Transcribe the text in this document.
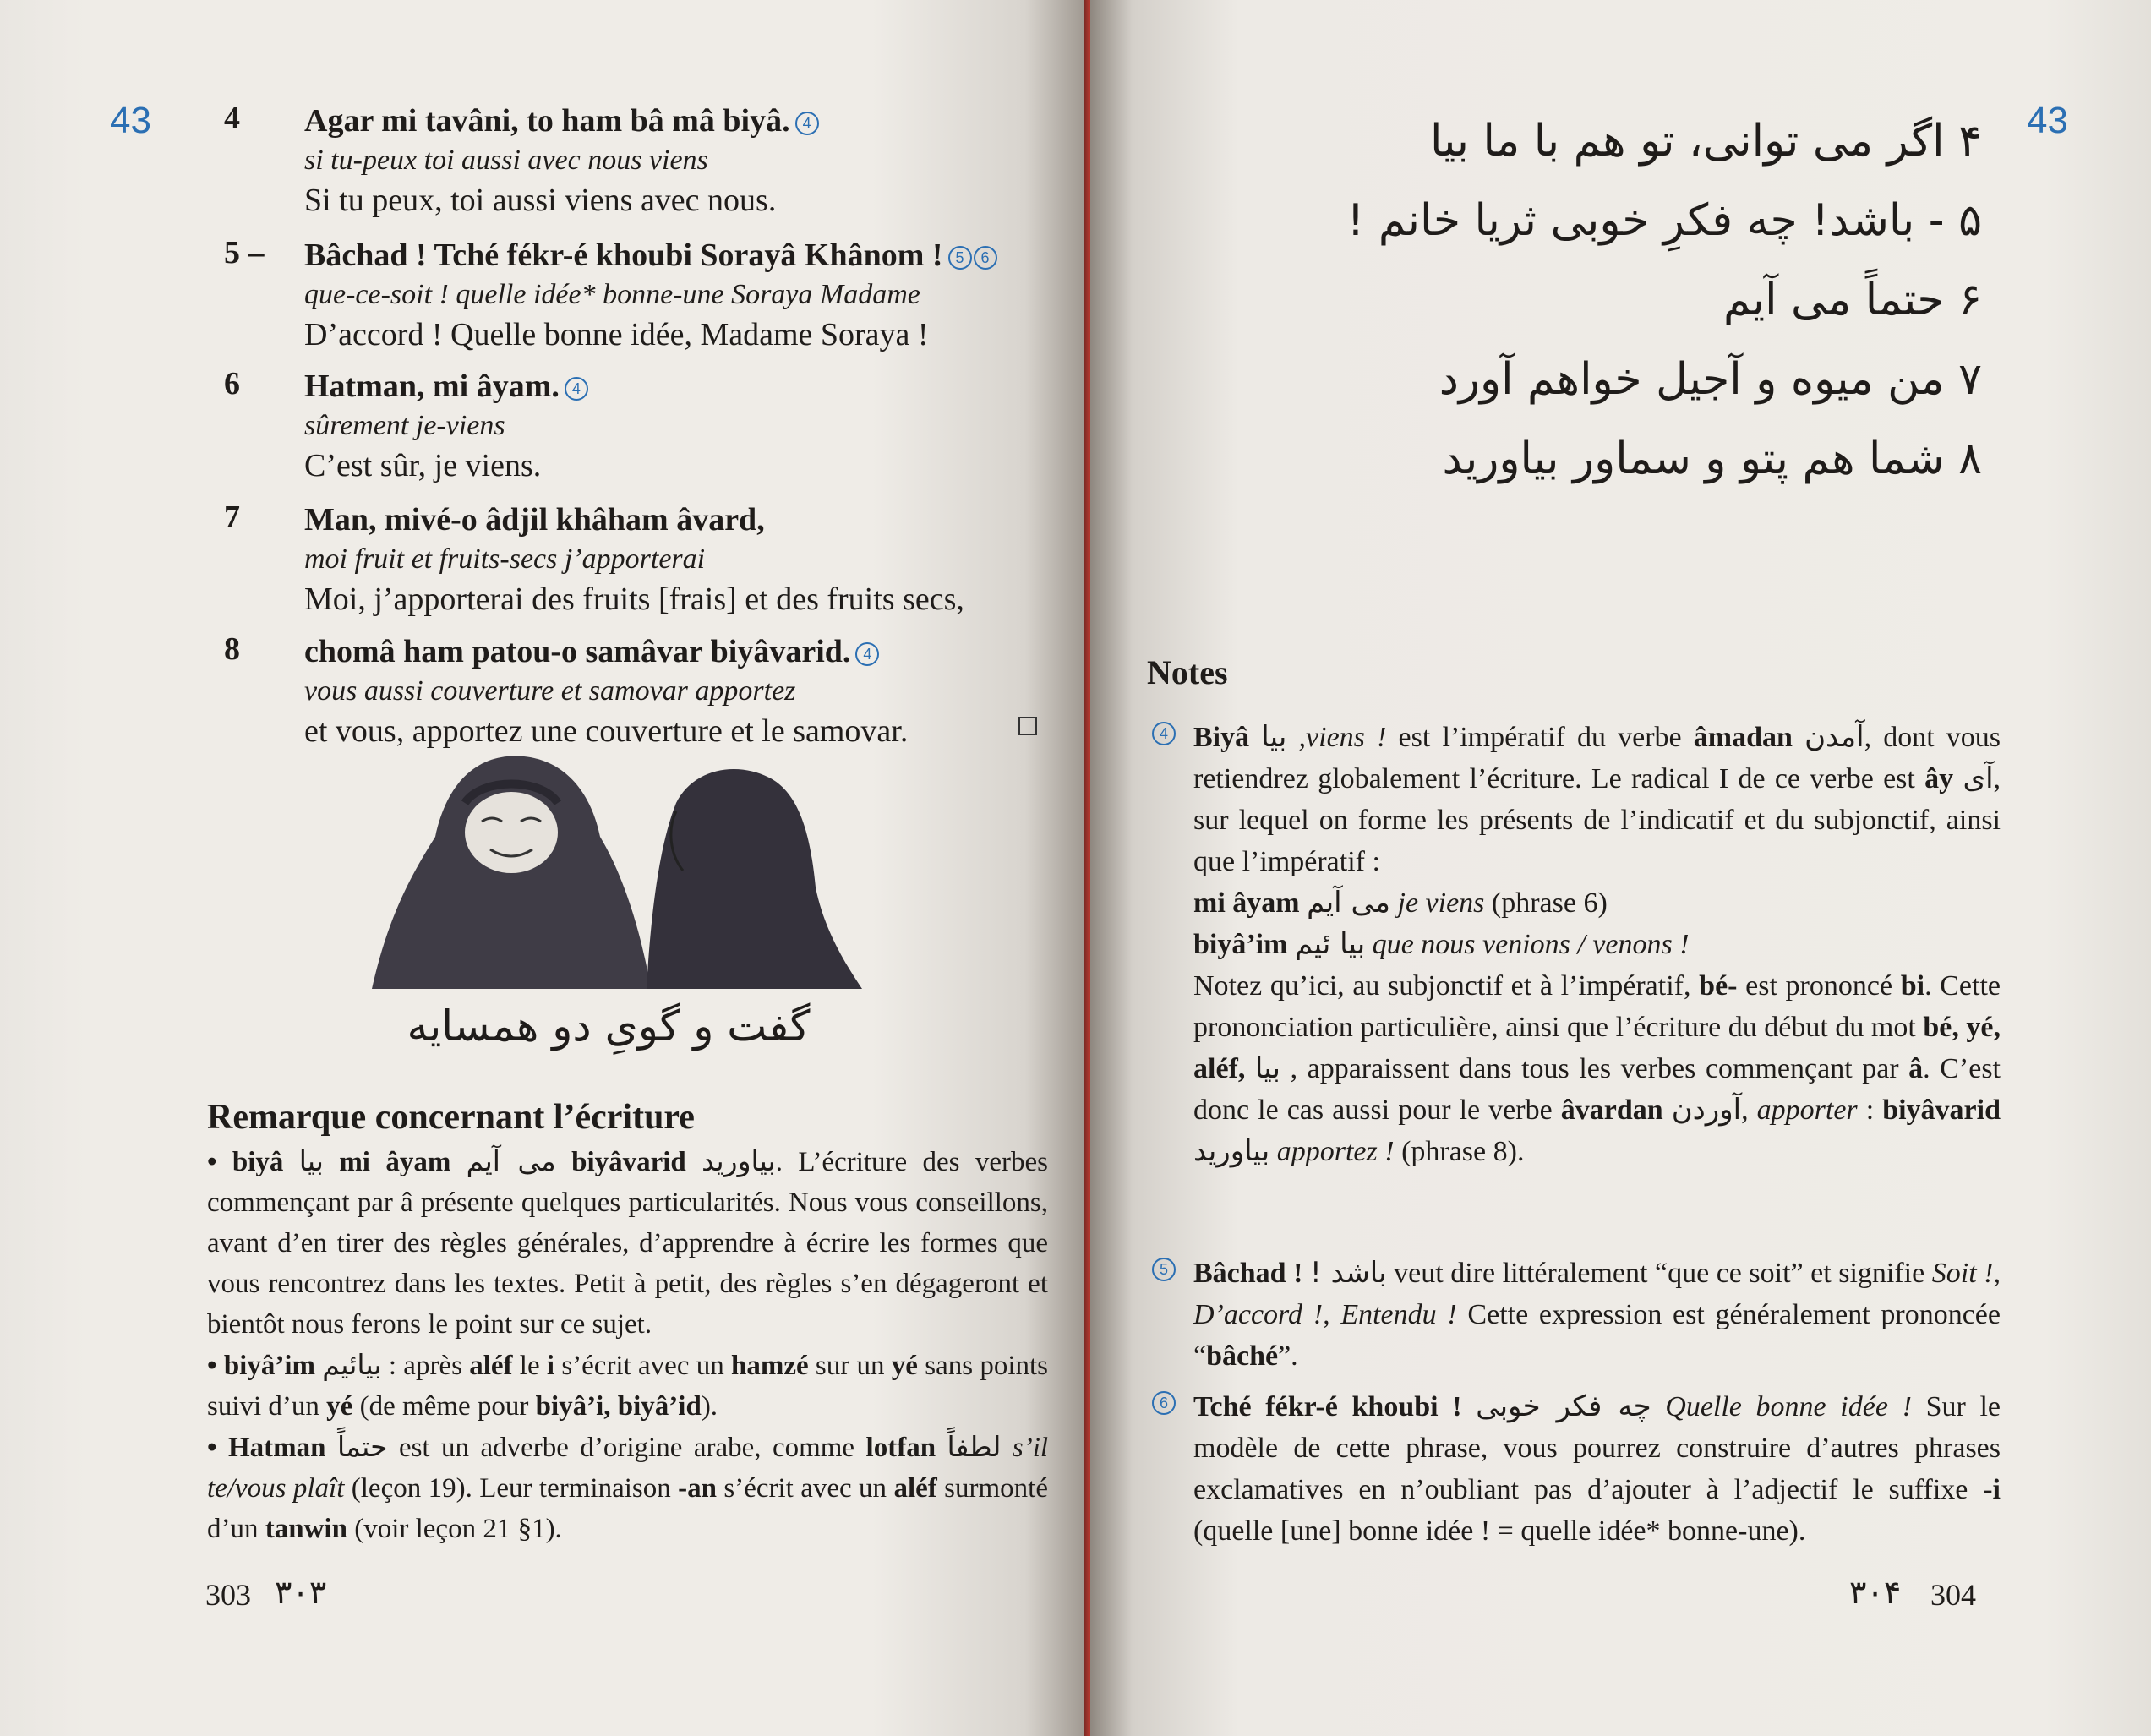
43 4 Agar mi tavâni, to ham bâ mâ biyâ. 4
si tu-peux toi aussi avec nous viens
Si tu peux, toi aussi viens avec nous.
5 – Bâchad ! Tché fékr-é khoubi Sorayâ Khânom ! 5 6
que-ce-soit ! quelle idée* bonne-une Soraya Madame
D’accord ! Quelle bonne idée, Madame Soraya !
6 Hatman, mi âyam. 4
sûrement je-viens
C’est sûr, je viens.
7 Man, mivé-o âdjil khâham âvard,
moi fruit et fruits-secs j’apporterai
Moi, j’apporterai des fruits [frais] et des fruits secs,
8 chomâ ham patou-o samâvar biyâvarid. 4
vous aussi couverture et samovar apportez
et vous, apportez une couverture et le samovar.
گفت و گویِ دو همسایه
Remarque concernant l’écriture

• biyâ بیا mi âyam می آیم biyâvarid بیاورید. L’écriture des verbes commençant par â présente quelques particularités. Nous vous conseillons, avant d’en tirer des règles générales, d’apprendre à écrire les formes que vous rencontrez dans les textes. Petit à petit, des règles s’en dégageront et bientôt nous ferons le point sur ce sujet.

• biyâ’im بیائیم : après aléf le i s’écrit avec un hamzé sur un yé sans points suivi d’un yé (de même pour biyâ’i, biyâ’id).

• Hatman حتماً est un adverbe d’origine arabe, comme lotfan لطفاً s’il te/vous plaît (leçon 19). Leur terminaison -an s’écrit avec un aléf surmonté d’un tanwin (voir leçon 21 §1).

303 ۳۰۳
43
۴ اگر می توانی، تو هم با ما بیا
۵ - باشد! چه فکرِ خوبی ثریا خانم !
۶ حتماً می آیم
۷ من میوه و آجیل خواهم آورد
۸ شما هم پتو و سماور بیاورید
Notes
4 Biyâ بیا ,viens ! est l’impératif du verbe âmadan آمدن, dont vous retiendrez globalement l’écriture. Le radical I de ce verbe est ây آی, sur lequel on forme les présents de l’indicatif et du subjonctif, ainsi que l’impératif :

mi âyam می آیم je viens (phrase 6)

biyâ’im بیا ئیم que nous venions / venons !

Notez qu’ici, au subjonctif et à l’impératif, bé- est prononcé bi. Cette prononciation particulière, ainsi que l’écriture du début du mot bé, yé, aléf, بیا , apparaissent dans tous les verbes commençant par â. C’est donc le cas aussi pour le verbe âvardan آوردن, apporter : biyâvarid بیاورید apportez ! (phrase 8).

5 Bâchad ! باشد ! veut dire littéralement “que ce soit” et signifie Soit !, D’accord !, Entendu ! Cette expression est généralement prononcée “bâché”.

6 Tché fékr-é khoubi ! چه فکر خوبی Quelle bonne idée ! Sur le modèle de cette phrase, vous pourrez construire d’autres phrases exclamatives en n’oubliant pas d’ajouter à l’adjectif le suffixe -i (quelle [une] bonne idée ! = quelle idée* bonne-une).

۳۰۴ 304
